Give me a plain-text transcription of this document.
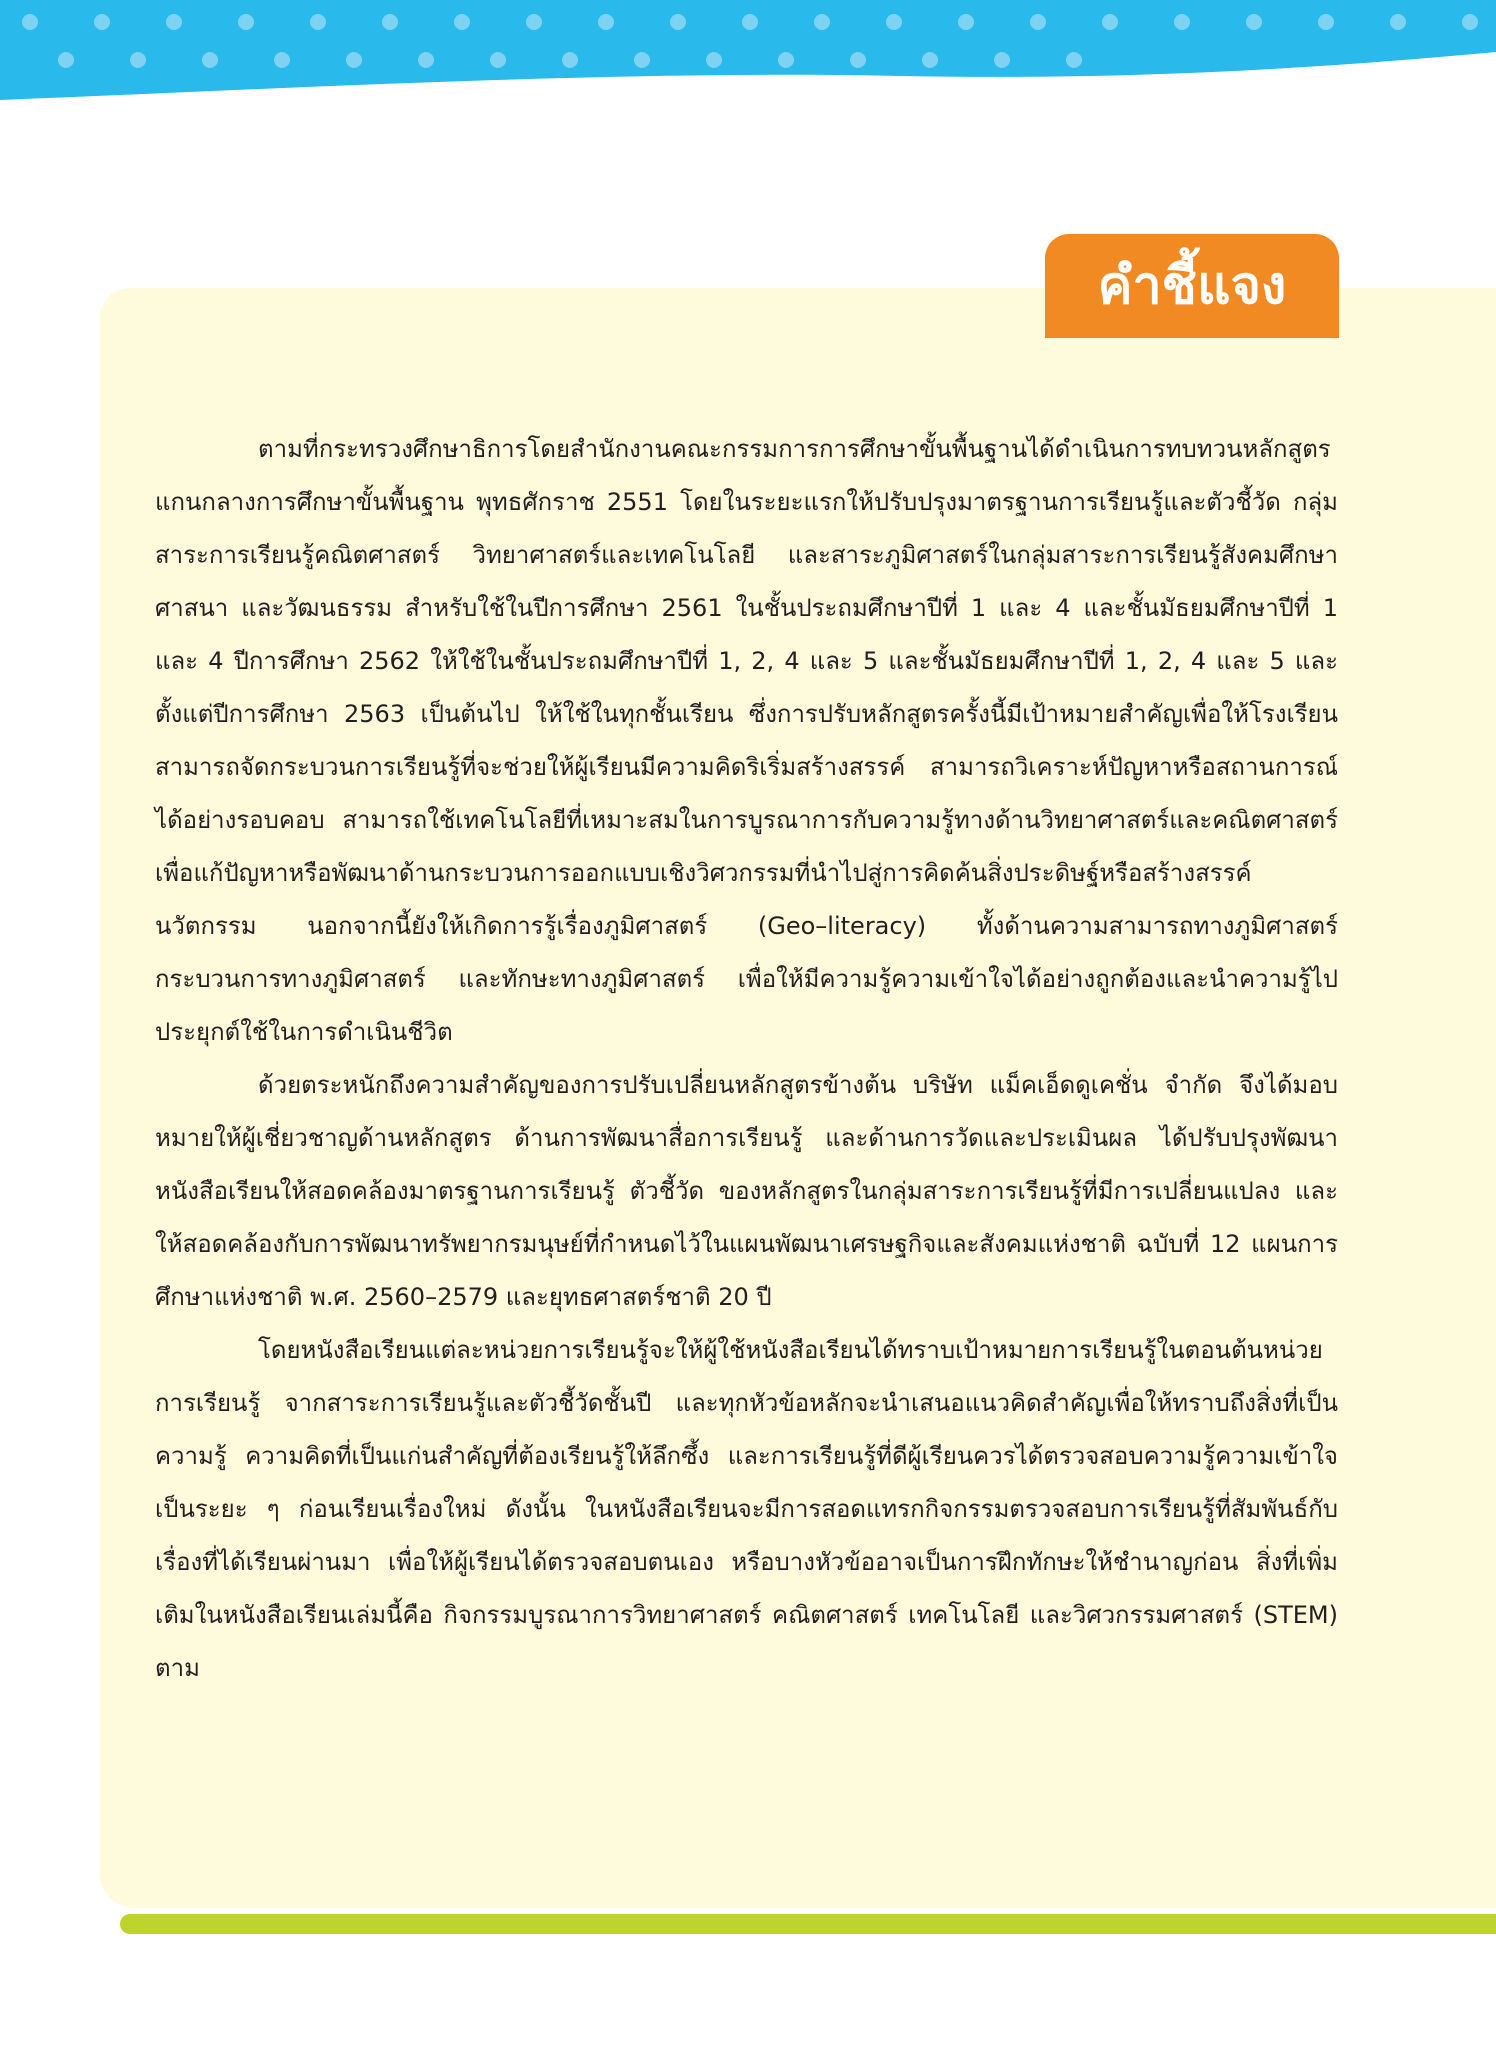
คำชี้แจง

ตามที่กระทรวงศึกษาธิการโดยสำนักงานคณะกรรมการการศึกษาขั้นพื้นฐานได้ดำเนินการทบทวนหลักสูตรแกนกลางการศึกษาขั้นพื้นฐาน พุทธศักราช 2551 โดยในระยะแรกให้ปรับปรุงมาตรฐานการเรียนรู้และตัวชี้วัด กลุ่มสาระการเรียนรู้คณิตศาสตร์ วิทยาศาสตร์และเทคโนโลยี และสาระภูมิศาสตร์ในกลุ่มสาระการเรียนรู้สังคมศึกษา ศาสนา และวัฒนธรรม สำหรับใช้ในปีการศึกษา 2561 ในชั้นประถมศึกษาปีที่ 1 และ 4 และชั้นมัธยมศึกษาปีที่ 1 และ 4 ปีการศึกษา 2562 ให้ใช้ในชั้นประถมศึกษาปีที่ 1, 2, 4 และ 5 และชั้นมัธยมศึกษาปีที่ 1, 2, 4 และ 5 และตั้งแต่ปีการศึกษา 2563 เป็นต้นไป ให้ใช้ในทุกชั้นเรียน ซึ่งการปรับหลักสูตรครั้งนี้มีเป้าหมายสำคัญเพื่อให้โรงเรียนสามารถจัดกระบวนการเรียนรู้ที่จะช่วยให้ผู้เรียนมีความคิดริเริ่มสร้างสรรค์ สามารถวิเคราะห์ปัญหาหรือสถานการณ์ได้อย่างรอบคอบ สามารถใช้เทคโนโลยีที่เหมาะสมในการบูรณาการกับความรู้ทางด้านวิทยาศาสตร์และคณิตศาสตร์เพื่อแก้ปัญหาหรือพัฒนาด้านกระบวนการออกแบบเชิงวิศวกรรมที่นำไปสู่การคิดค้นสิ่งประดิษฐ์หรือสร้างสรรค์นวัตกรรม นอกจากนี้ยังให้เกิดการรู้เรื่องภูมิศาสตร์ (Geo–literacy) ทั้งด้านความสามารถทางภูมิศาสตร์ กระบวนการทางภูมิศาสตร์ และทักษะทางภูมิศาสตร์ เพื่อให้มีความรู้ความเข้าใจได้อย่างถูกต้องและนำความรู้ไปประยุกต์ใช้ในการดำเนินชีวิต

ด้วยตระหนักถึงความสำคัญของการปรับเปลี่ยนหลักสูตรข้างต้น บริษัท แม็คเอ็ดดูเคชั่น จำกัด จึงได้มอบหมายให้ผู้เชี่ยวชาญด้านหลักสูตร ด้านการพัฒนาสื่อการเรียนรู้ และด้านการวัดและประเมินผล ได้ปรับปรุงพัฒนาหนังสือเรียนให้สอดคล้องมาตรฐานการเรียนรู้ ตัวชี้วัด ของหลักสูตรในกลุ่มสาระการเรียนรู้ที่มีการเปลี่ยนแปลง และให้สอดคล้องกับการพัฒนาทรัพยากรมนุษย์ที่กำหนดไว้ในแผนพัฒนาเศรษฐกิจและสังคมแห่งชาติ ฉบับที่ 12 แผนการศึกษาแห่งชาติ พ.ศ. 2560–2579 และยุทธศาสตร์ชาติ 20 ปี

โดยหนังสือเรียนแต่ละหน่วยการเรียนรู้จะให้ผู้ใช้หนังสือเรียนได้ทราบเป้าหมายการเรียนรู้ในตอนต้นหน่วยการเรียนรู้ จากสาระการเรียนรู้และตัวชี้วัดชั้นปี และทุกหัวข้อหลักจะนำเสนอแนวคิดสำคัญเพื่อให้ทราบถึงสิ่งที่เป็นความรู้ ความคิดที่เป็นแก่นสำคัญที่ต้องเรียนรู้ให้ลึกซึ้ง และการเรียนรู้ที่ดีผู้เรียนควรได้ตรวจสอบความรู้ความเข้าใจเป็นระยะ ๆ ก่อนเรียนเรื่องใหม่ ดังนั้น ในหนังสือเรียนจะมีการสอดแทรกกิจกรรมตรวจสอบการเรียนรู้ที่สัมพันธ์กับเรื่องที่ได้เรียนผ่านมา เพื่อให้ผู้เรียนได้ตรวจสอบตนเอง หรือบางหัวข้ออาจเป็นการฝึกทักษะให้ชำนาญก่อน สิ่งที่เพิ่มเติมในหนังสือเรียนเล่มนี้คือ กิจกรรมบูรณาการวิทยาศาสตร์ คณิตศาสตร์ เทคโนโลยี และวิศวกรรมศาสตร์ (STEM) ตาม
